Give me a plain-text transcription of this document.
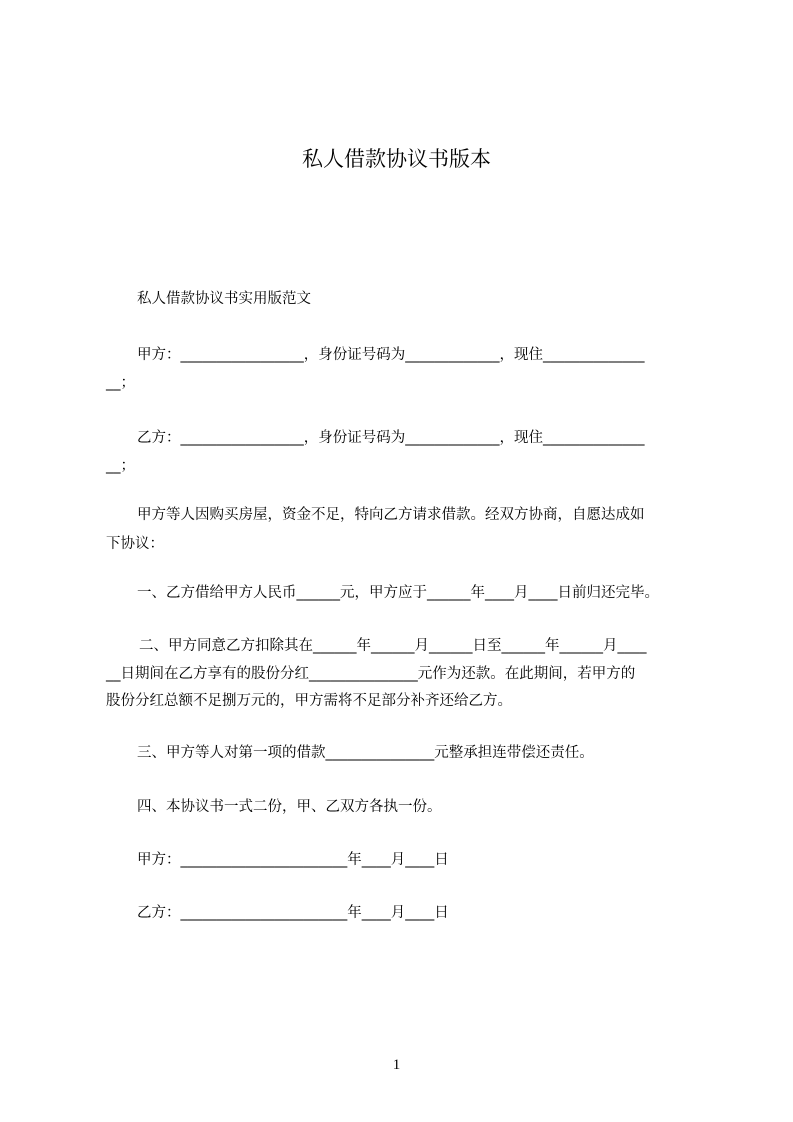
私人借款协议书版本
私人借款协议书实用版范文
甲方：_________________，身份证号码为_____________，现住______________
__；
乙方：_________________，身份证号码为_____________，现住______________
__；
甲方等人因购买房屋，资金不足，特向乙方请求借款。经双方协商，自愿达成如
下协议：
一、乙方借给甲方人民币______元，甲方应于______年____月____日前归还完毕。
二、甲方同意乙方扣除其在______年______月______日至______年______月____
__日期间在乙方享有的股份分红_______________元作为还款。在此期间，若甲方的
股份分红总额不足捌万元的，甲方需将不足部分补齐还给乙方。
三、甲方等人对第一项的借款_______________元整承担连带偿还责任。
四、本协议书一式二份，甲、乙双方各执一份。
甲方：_______________________年____月____日
乙方：_______________________年____月____日
1
